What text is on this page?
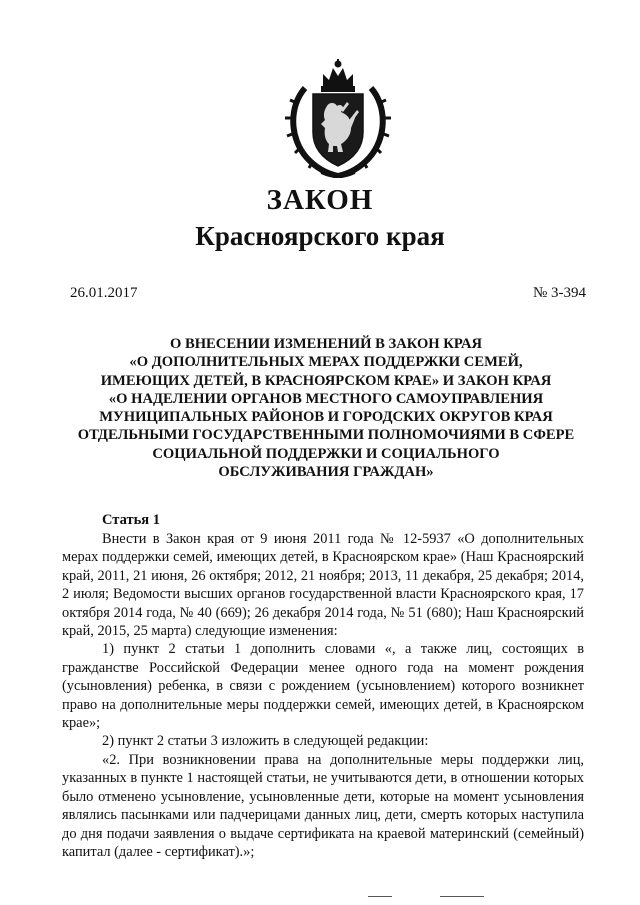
ЗАКОН
Красноярского края
26.01.2017	№ 3-394
О ВНЕСЕНИИ ИЗМЕНЕНИЙ В ЗАКОН КРАЯ
«О ДОПОЛНИТЕЛЬНЫХ МЕРАХ ПОДДЕРЖКИ СЕМЕЙ,
ИМЕЮЩИХ ДЕТЕЙ, В КРАСНОЯРСКОМ КРАЕ» И ЗАКОН КРАЯ
«О НАДЕЛЕНИИ ОРГАНОВ МЕСТНОГО САМОУПРАВЛЕНИЯ
МУНИЦИПАЛЬНЫХ РАЙОНОВ И ГОРОДСКИХ ОКРУГОВ КРАЯ
ОТДЕЛЬНЫМИ ГОСУДАРСТВЕННЫМИ ПОЛНОМОЧИЯМИ В СФЕРЕ
СОЦИАЛЬНОЙ ПОДДЕРЖКИ И СОЦИАЛЬНОГО
ОБСЛУЖИВАНИЯ ГРАЖДАН»
Статья 1

Внести в Закон края от 9 июня 2011 года № 12-5937 «О дополнительных мерах поддержки семей, имеющих детей, в Красноярском крае» (Наш Красноярский край, 2011, 21 июня, 26 октября; 2012, 21 ноября; 2013, 11 декабря, 25 декабря; 2014, 2 июля; Ведомости высших органов государственной власти Красноярского края, 17 октября 2014 года, № 40 (669); 26 декабря 2014 года, № 51 (680); Наш Красноярский край, 2015, 25 марта) следующие изменения:

1) пункт 2 статьи 1 дополнить словами «, а также лиц, состоящих в гражданстве Российской Федерации менее одного года на момент рождения (усыновления) ребенка, в связи с рождением (усыновлением) которого возникнет право на дополнительные меры поддержки семей, имеющих детей, в Красноярском крае»;

2) пункт 2 статьи 3 изложить в следующей редакции:

«2. При возникновении права на дополнительные меры поддержки лиц, указанных в пункте 1 настоящей статьи, не учитываются дети, в отношении которых было отменено усыновление, усыновленные дети, которые на момент усыновления являлись пасынками или падчерицами данных лиц, дети, смерть которых наступила до дня подачи заявления о выдаче сертификата на краевой материнский (семейный) капитал (далее - сертификат).»;
